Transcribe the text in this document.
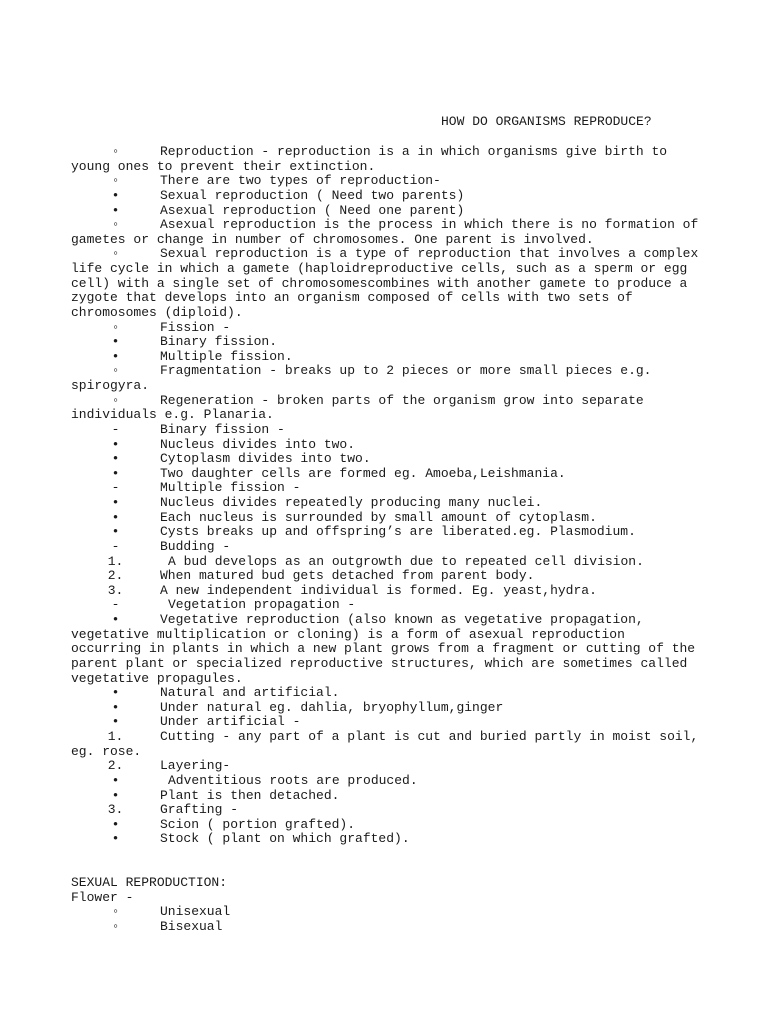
HOW DO ORGANISMS REPRODUCE?

◦	Reproduction - reproduction is a in which organisms give birth to young ones to prevent their extinction.

◦	There are two types of reproduction-

•	Sexual reproduction ( Need two parents)

•	Asexual reproduction ( Need one parent)

◦	Asexual reproduction is the process in which there is no formation of gametes or change in number of chromosomes. One parent is involved.

◦	Sexual reproduction is a type of reproduction that involves a complex life cycle in which a gamete (haploidreproductive cells, such as a sperm or egg cell) with a single set of chromosomescombines with another gamete to produce a zygote that develops into an organism composed of cells with two sets of chromosomes (diploid).

◦	Fission -

•	Binary fission.

•	Multiple fission.

◦	Fragmentation - breaks up to 2 pieces or more small pieces e.g. spirogyra.

◦	Regeneration - broken parts of the organism grow into separate individuals e.g. Planaria.

-	Binary fission -

•	Nucleus divides into two.

•	Cytoplasm divides into two.

•	Two daughter cells are formed eg. Amoeba,Leishmania.

-	Multiple fission -

•	Nucleus divides repeatedly producing many nuclei.

•	Each nucleus is surrounded by small amount of cytoplasm.

•	Cysts breaks up and offspring’s are liberated.eg. Plasmodium.

-	Budding -

1.	A bud develops as an outgrowth due to repeated cell division.

2.	When matured bud gets detached from parent body.

3.	A new independent individual is formed. Eg. yeast,hydra.

-	Vegetation propagation -

•	Vegetative reproduction (also known as vegetative propagation, vegetative multiplication or cloning) is a form of asexual reproduction occurring in plants in which a new plant grows from a fragment or cutting of the parent plant or specialized reproductive structures, which are sometimes called vegetative propagules.

•	Natural and artificial.

•	Under natural eg. dahlia, bryophyllum,ginger

•	Under artificial -

1.	Cutting - any part of a plant is cut and buried partly in moist soil, eg. rose.

2.	Layering-

•	Adventitious roots are produced.

•	Plant is then detached.

3.	Grafting -

•	Scion ( portion grafted).

•	Stock ( plant on which grafted).

SEXUAL REPRODUCTION:

Flower -

◦	Unisexual

◦	Bisexual
